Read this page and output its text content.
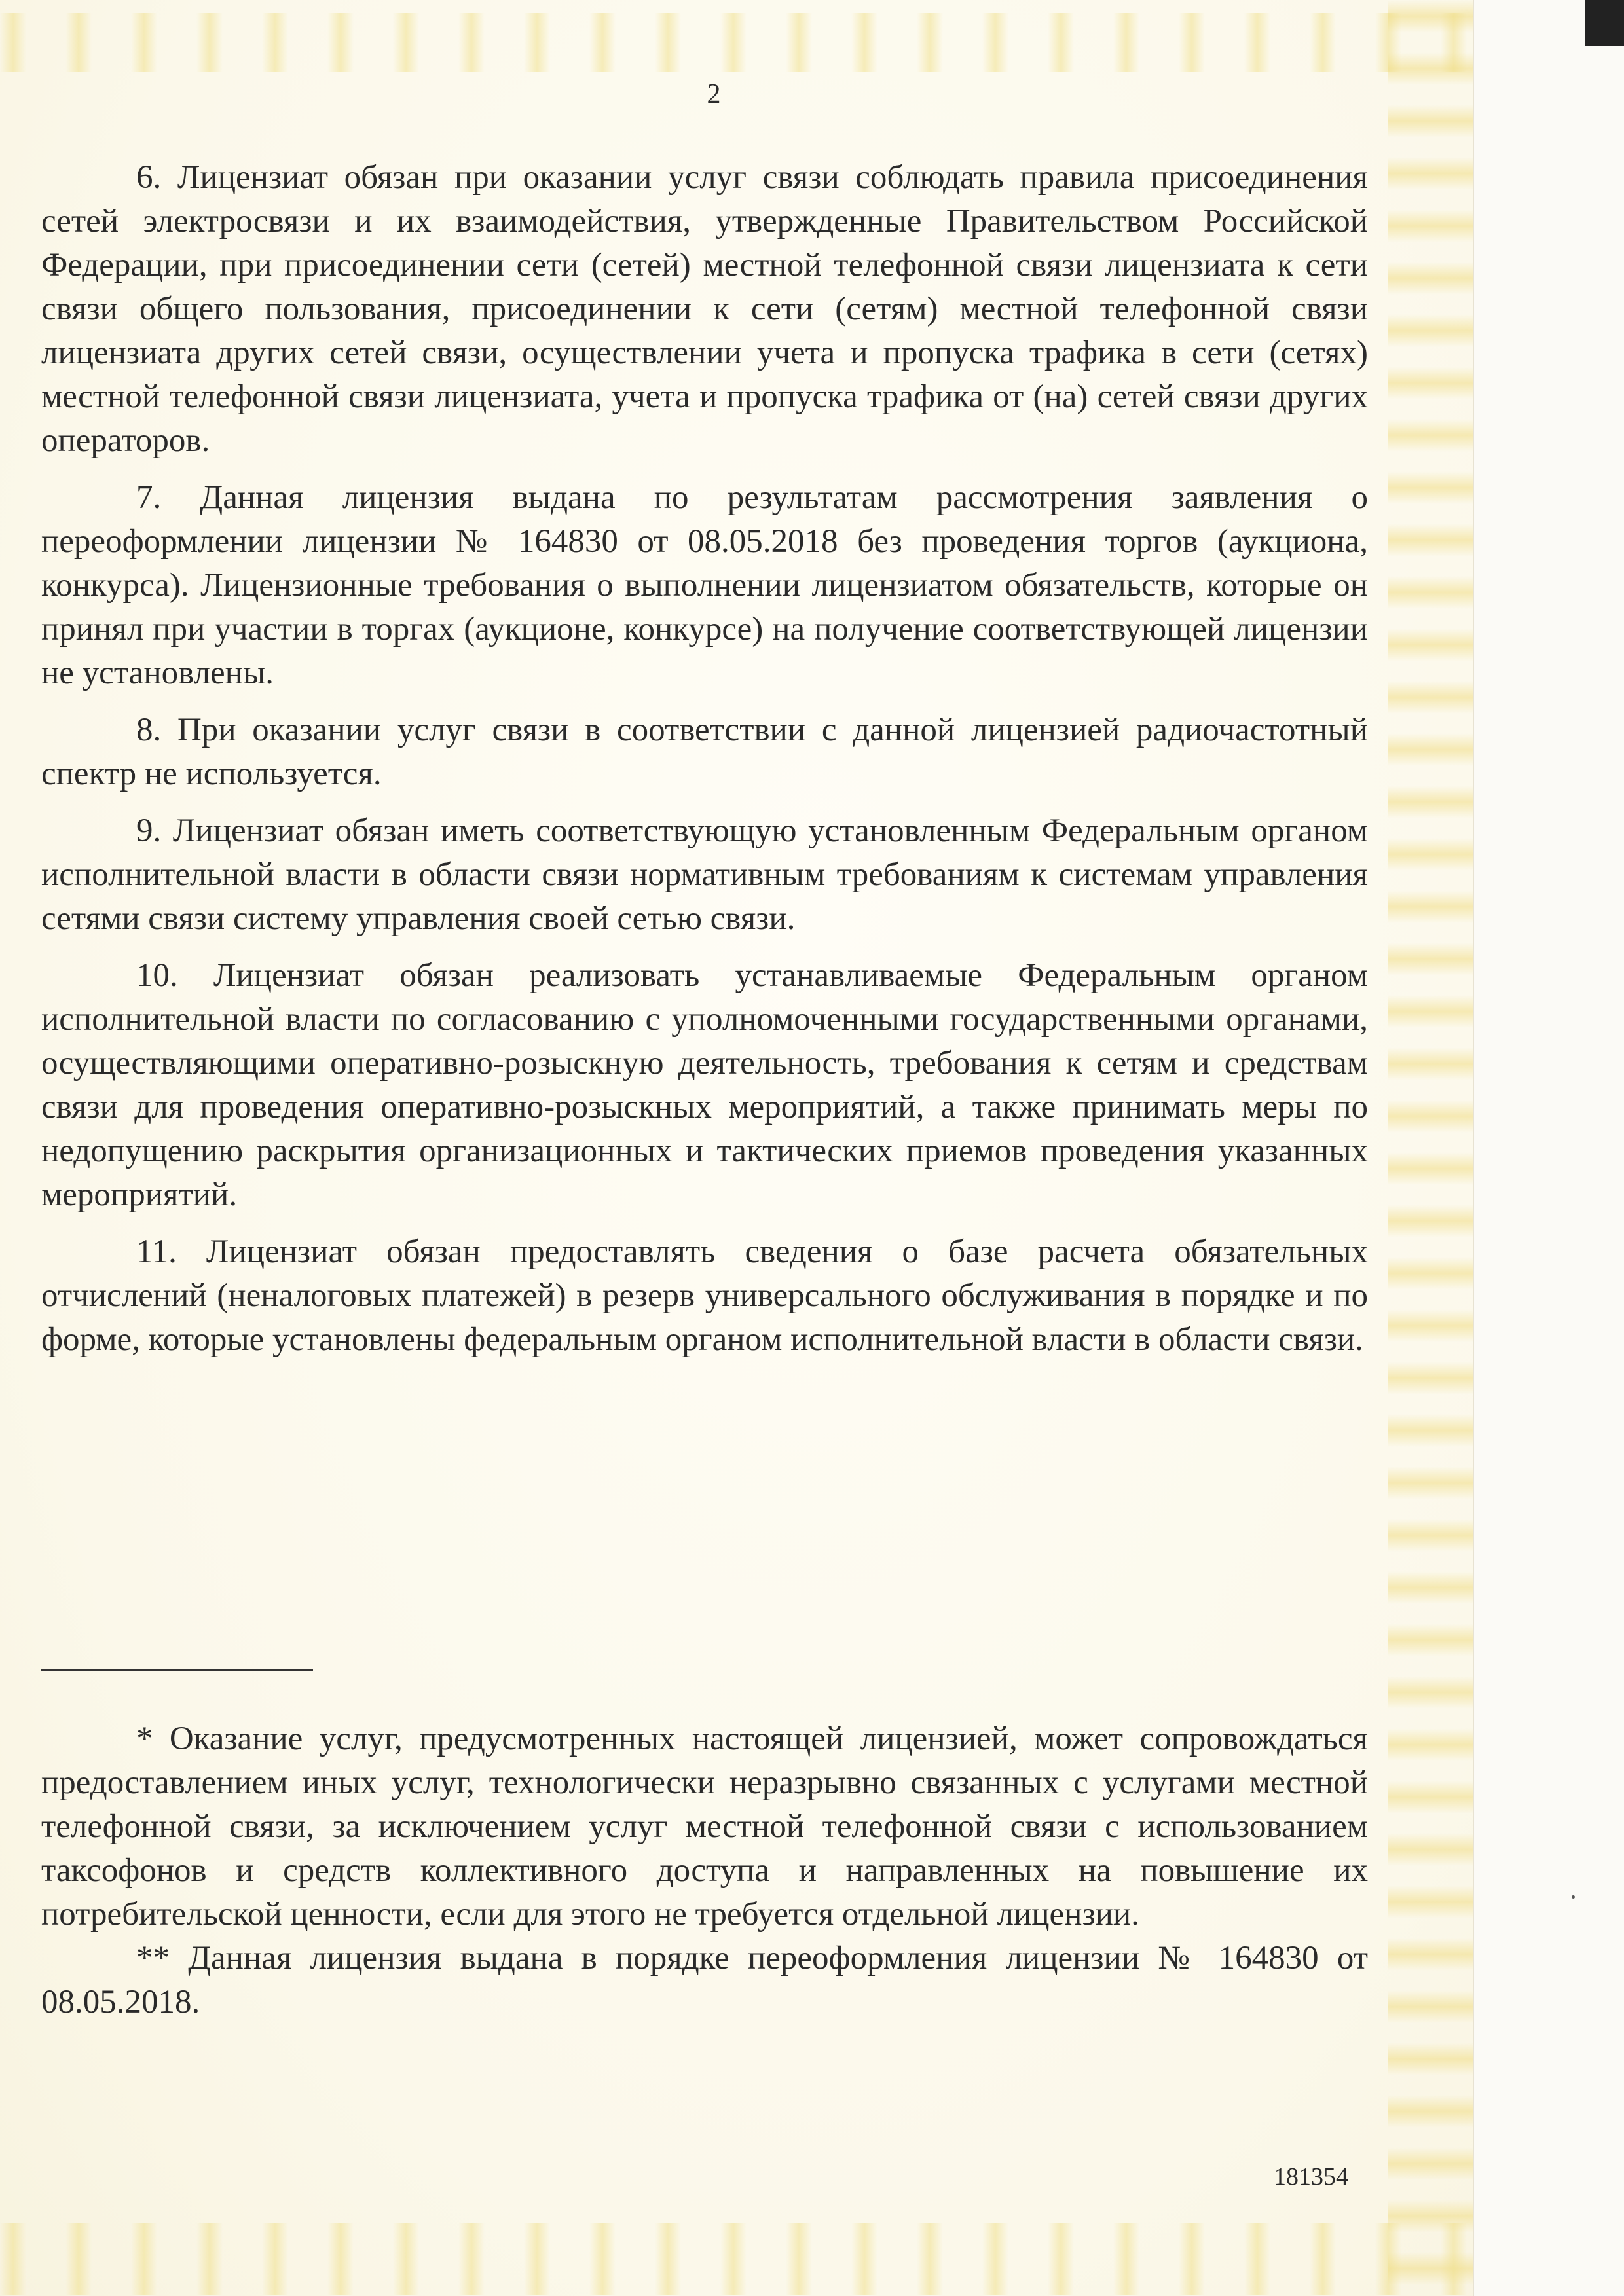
2

6. Лицензиат обязан при оказании услуг связи соблюдать правила присоединения сетей электросвязи и их взаимодействия, утвержденные Правительством Российской Федерации, при присоединении сети (сетей) местной телефонной связи лицензиата к сети связи общего пользования, присоединении к сети (сетям) местной телефонной связи лицензиата других сетей связи, осуществлении учета и пропуска трафика в сети (сетях) местной телефонной связи лицензиата, учета и пропуска трафика от (на) сетей связи других операторов.

7. Данная лицензия выдана по результатам рассмотрения заявления о переоформлении лицензии № 164830 от 08.05.2018 без проведения торгов (аукциона, конкурса). Лицензионные требования о выполнении лицензиатом обязательств, которые он принял при участии в торгах (аукционе, конкурсе) на получение соответствующей лицензии не установлены.

8. При оказании услуг связи в соответствии с данной лицензией радиочастотный спектр не используется.

9. Лицензиат обязан иметь соответствующую установленным Федеральным органом исполнительной власти в области связи нормативным требованиям к системам управления сетями связи систему управления своей сетью связи.

10. Лицензиат обязан реализовать устанавливаемые Федеральным органом исполнительной власти по согласованию с уполномоченными государственными органами, осуществляющими оперативно-розыскную деятельность, требования к сетям и средствам связи для проведения оперативно-розыскных мероприятий, а также принимать меры по недопущению раскрытия организационных и тактических приемов проведения указанных мероприятий.

11. Лицензиат обязан предоставлять сведения о базе расчета обязательных отчислений (неналоговых платежей) в резерв универсального обслуживания в порядке и по форме, которые установлены федеральным органом исполнительной власти в области связи.

* Оказание услуг, предусмотренных настоящей лицензией, может сопровождаться предоставлением иных услуг, технологически неразрывно связанных с услугами местной телефонной связи, за исключением услуг местной телефонной связи с использованием таксофонов и средств коллективного доступа и направленных на повышение их потребительской ценности, если для этого не требуется отдельной лицензии.

** Данная лицензия выдана в порядке переоформления лицензии № 164830 от 08.05.2018.

181354
